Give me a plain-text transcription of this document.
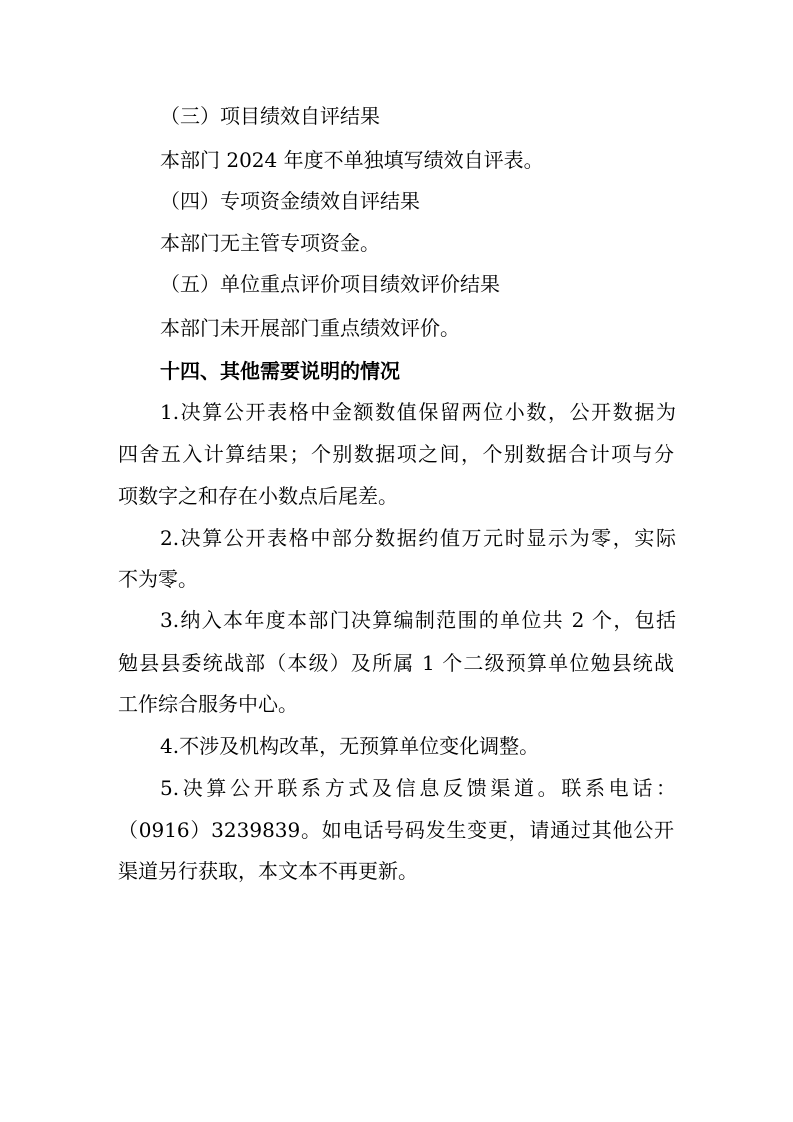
（三）项目绩效自评结果
本部门 2024 年度不单独填写绩效自评表。
（四）专项资金绩效自评结果
本部门无主管专项资金。
（五）单位重点评价项目绩效评价结果
本部门未开展部门重点绩效评价。
十四、其他需要说明的情况
1.决算公开表格中金额数值保留两位小数，公开数据为
四舍五入计算结果；个别数据项之间，个别数据合计项与分
项数字之和存在小数点后尾差。
2.决算公开表格中部分数据约值万元时显示为零，实际
不为零。
3.纳入本年度本部门决算编制范围的单位共 2 个，包括
勉县县委统战部（本级）及所属 1 个二级预算单位勉县统战
工作综合服务中心。
4.不涉及机构改革，无预算单位变化调整。
5.决算公开联系方式及信息反馈渠道。联系电话：
（0916）3239839。如电话号码发生变更，请通过其他公开
渠道另行获取，本文本不再更新。
